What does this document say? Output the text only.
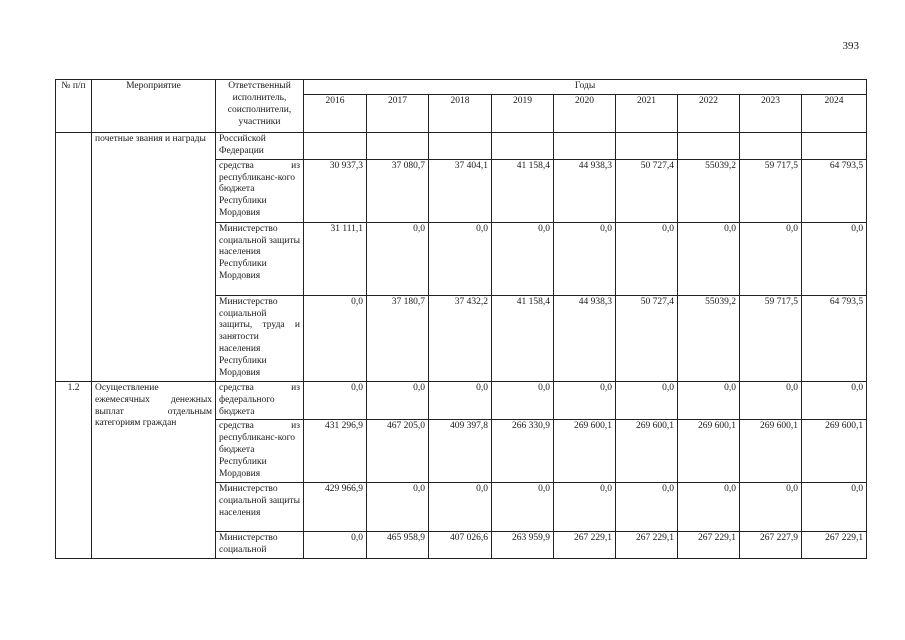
393
№ п/п	Мероприятие	Ответственный исполнитель, соисполнители, участники	Годы								
			2016	2017	2018	2019	2020	2021	2022	2023	2024
	почетные звания и награды	Российской Федерации									
		средства из республиканс-кого бюджета Республики Мордовия	30 937,3	37 080,7	37 404,1	41 158,4	44 938,3	50 727,4	55039,2	59 717,5	64 793,5
		Министерство социальной защиты населения Республики Мордовия	31 111,1	0,0	0,0	0,0	0,0	0,0	0,0	0,0	0,0
		Министерство социальной защиты, труда и занятости населения Республики Мордовия	0,0	37 180,7	37 432,2	41 158,4	44 938,3	50 727,4	55039,2	59 717,5	64 793,5
1.2	Осуществление ежемесячных денежных выплат отдельным категориям граждан	средства из федерального бюджета	0,0	0,0	0,0	0,0	0,0	0,0	0,0	0,0	0,0
		средства из республиканс-кого бюджета Республики Мордовия	431 296,9	467 205,0	409 397,8	266 330,9	269 600,1	269 600,1	269 600,1	269 600,1	269 600,1
		Министерство социальной защиты населения	429 966,9	0,0	0,0	0,0	0,0	0,0	0,0	0,0	0,0
		Министерство социальной	0,0	465 958,9	407 026,6	263 959,9	267 229,1	267 229,1	267 229,1	267 227,9	267 229,1
